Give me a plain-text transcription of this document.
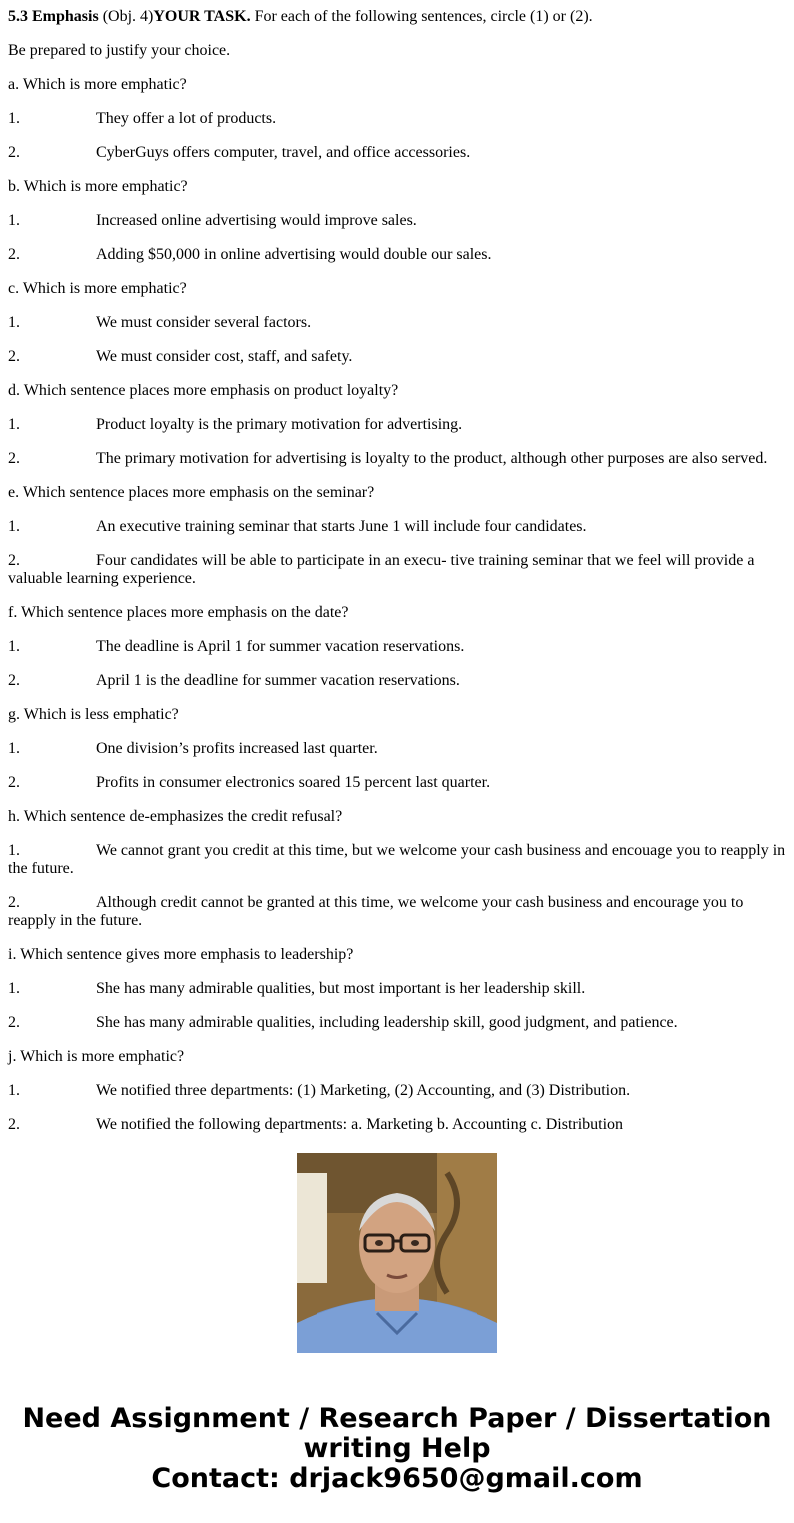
5.3 Emphasis (Obj. 4)YOUR TASK. For each of the following sentences, circle (1) or (2).

Be prepared to justify your choice.

a. Which is more emphatic?

1.	They offer a lot of products.

2.	CyberGuys offers computer, travel, and office accessories.

b. Which is more emphatic?

1.	Increased online advertising would improve sales.

2.	Adding $50,000 in online advertising would double our sales.

c. Which is more emphatic?

1.	We must consider several factors.

2.	We must consider cost, staff, and safety.

d. Which sentence places more emphasis on product loyalty?

1.	Product loyalty is the primary motivation for advertising.

2.	The primary motivation for advertising is loyalty to the product, although other purposes are also served.

e. Which sentence places more emphasis on the seminar?

1.	An executive training seminar that starts June 1 will include four candidates.

2.	Four candidates will be able to participate in an execu- tive training seminar that we feel will provide a valuable learning experience.

f. Which sentence places more emphasis on the date?

1.	The deadline is April 1 for summer vacation reservations.

2.	April 1 is the deadline for summer vacation reservations.

g. Which is less emphatic?

1.	One division’s profits increased last quarter.

2.	Profits in consumer electronics soared 15 percent last quarter.

h. Which sentence de-emphasizes the credit refusal?

1.	We cannot grant you credit at this time, but we welcome your cash business and encouage you to reapply in the future.

2.	Although credit cannot be granted at this time, we welcome your cash business and encourage you to reapply in the future.

i. Which sentence gives more emphasis to leadership?

1.	She has many admirable qualities, but most important is her leadership skill.

2.	She has many admirable qualities, including leadership skill, good judgment, and patience.

j. Which is more emphatic?

1.	We notified three departments: (1) Marketing, (2) Accounting, and (3) Distribution.

2.	We notified the following departments: a. Marketing b. Accounting c. Distribution

Need Assignment / Research Paper / Dissertation
writing Help
Contact: drjack9650@gmail.com
